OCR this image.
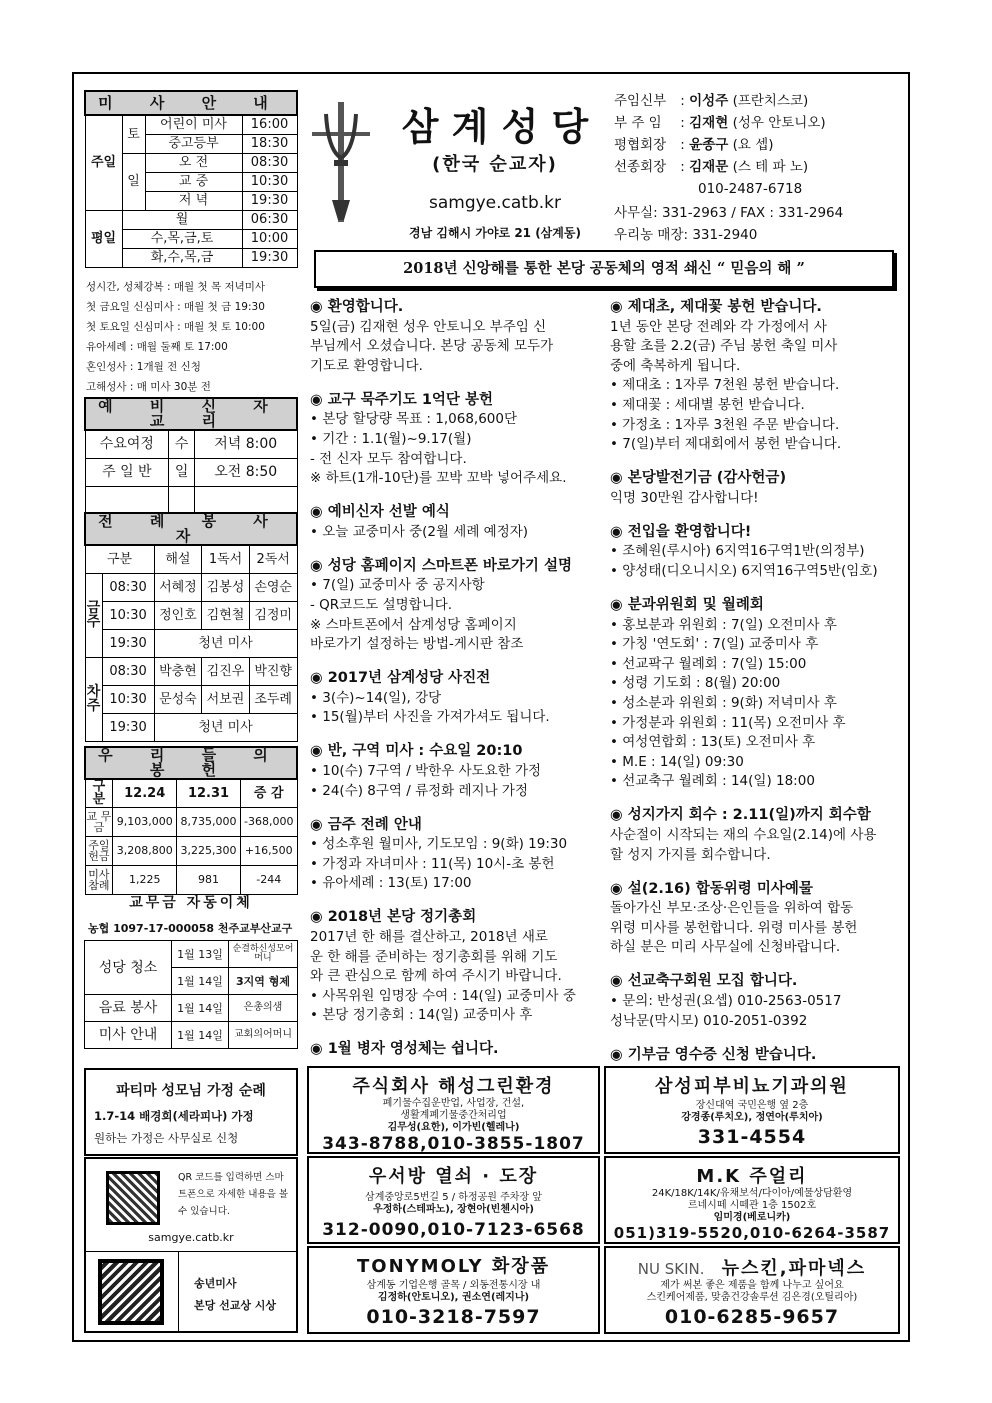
미 사 안 내			
주일	토	어린이 미사	16:00
		중고등부	18:30
	일	오 전	08:30
		교 중	10:30
		저 녁	19:30
평일	월		06:30
	수,목,금,토		10:00
	화,수,목,금		19:30
성시간, 성체강복 : 매월 첫 목 저녁미사
첫 금요일 신심미사 : 매월 첫 금 19:30
첫 토요일 신심미사 : 매월 첫 토 10:00
유아세례 : 매월 둘째 토 17:00
혼인성사 : 1개월 전 신청
고해성사 : 매 미사 30분 전
예 비 신 자 교 리		
수요여정	수	저녁 8:00
주 일 반	일	오전 8:50

전 례 봉 사 자				
구분		해설	1독서	2독서
금주	08:30	서혜정	김봉성	손영순
	10:30	정인호	김현철	김정미
	19:30	청년 미사		
차주	08:30	박충현	김진우	박진향
	10:30	문성숙	서보권	조두례
	19:30	청년 미사		
우 리 들 의 봉 헌			
구 분	12.24	12.31	증 감
교 무 금	9,103,000	8,735,000	-368,000
주일헌금	3,208,800	3,225,300	+16,500
미사참례	1,225	981	-244
교무금 자동이체
농협 1097-17-000058 천주교부산교구
성당 청소	1월 13일	순결하신성모어머니
	1월 14일	3지역 형제
음료 봉사	1월 14일	은총의샘
미사 안내	1월 14일	교회의어머니
파티마 성모님 가정 순례
1.7-14 배경희(세라피나) 가정
원하는 가정은 사무실로 신청
QR 코드를 입력하면 스마트폰으로 자세한 내용을 볼 수 있습니다.
samgye.catb.kr
송년미사
본당 선교상 시상
삼 계 성 당
(한국 순교자)
samgye.catb.kr
경남 김해시 가야로 21 (삼계동)
주임신부 : 이성주 (프란치스코)
부 주 임 : 김재현 (성우 안토니오)
평협회장 : 윤종구 (요 셉)
선종회장 : 김재문 (스 테 파 노)
010-2487-6718
사무실: 331-2963 / FAX : 331-2964
우리농 매장: 331-2940
2018년 신앙해를 통한 본당 공동체의 영적 쇄신 “ 믿음의 해 ”
◉ 환영합니다.
5일(금) 김재현 성우 안토니오 부주임 신
부님께서 오셨습니다. 본당 공동체 모두가
기도로 환영합니다.
◉ 교구 묵주기도 1억단 봉헌
• 본당 할당량 목표 : 1,068,600단
• 기간 : 1.1(월)~9.17(월)
- 전 신자 모두 참여합니다.
※ 하트(1개-10단)를 꼬박 꼬박 넣어주세요.
◉ 예비신자 선발 예식
• 오늘 교중미사 중(2월 세례 예정자)
◉ 성당 홈페이지 스마트폰 바로가기 설명
• 7(일) 교중미사 중 공지사항
- QR코드도 설명합니다.
※ 스마트폰에서 삼계성당 홈페이지
바로가기 설정하는 방법-게시판 참조
◉ 2017년 삼계성당 사진전
• 3(수)~14(일), 강당
• 15(월)부터 사진을 가져가셔도 됩니다.
◉ 반, 구역 미사 : 수요일 20:10
• 10(수) 7구역 / 박한우 사도요한 가정
• 24(수) 8구역 / 류정화 레지나 가정
◉ 금주 전례 안내
• 성소후원 월미사, 기도모임 : 9(화) 19:30
• 가정과 자녀미사 : 11(목) 10시-초 봉헌
• 유아세례 : 13(토) 17:00
◉ 2018년 본당 정기총회
2017년 한 해를 결산하고, 2018년 새로
운 한 해를 준비하는 정기총회를 위해 기도
와 큰 관심으로 함께 하여 주시기 바랍니다.
• 사목위원 임명장 수여 : 14(일) 교중미사 중
• 본당 정기총회 : 14(일) 교중미사 후
◉ 1월 병자 영성체는 쉽니다.
◉ 제대초, 제대꽃 봉헌 받습니다.
1년 동안 본당 전례와 각 가정에서 사
용할 초를 2.2(금) 주님 봉헌 축일 미사
중에 축복하게 됩니다.
• 제대초 : 1자루 7천원 봉헌 받습니다.
• 제대꽃 : 세대별 봉헌 받습니다.
• 가정초 : 1자루 3천원 주문 받습니다.
• 7(일)부터 제대회에서 봉헌 받습니다.
◉ 본당발전기금 (감사헌금)
익명 30만원 감사합니다!
◉ 전입을 환영합니다!
• 조혜원(루시아) 6지역16구역1반(의정부)
• 양성태(디오니시오) 6지역16구역5반(임호)
◉ 분과위원회 및 월례회
• 홍보분과 위원회 : 7(일) 오전미사 후
• 가칭 '연도회' : 7(일) 교중미사 후
• 선교팍구 월례회 : 7(일) 15:00
• 성령 기도회 : 8(월) 20:00
• 성소분과 위원회 : 9(화) 저녁미사 후
• 가정분과 위원회 : 11(목) 오전미사 후
• 여성연합회 : 13(토) 오전미사 후
• M.E : 14(일) 09:30
• 선교축구 월례회 : 14(일) 18:00
◉ 성지가지 회수 : 2.11(일)까지 회수함
사순절이 시작되는 재의 수요일(2.14)에 사용
할 성지 가지를 회수합니다.
◉ 설(2.16) 합동위령 미사예물
돌아가신 부모·조상·은인들을 위하여 합동
위령 미사를 봉헌합니다. 위령 미사를 봉헌
하실 분은 미리 사무실에 신청바랍니다.
◉ 선교축구회원 모집 합니다.
• 문의: 반성권(요셉) 010-2563-0517
성낙문(막시모) 010-2051-0392
◉ 기부금 영수증 신청 받습니다.
주식회사 해성그린환경
폐기물수집운반업, 사업장, 건설,
생활계폐기물중간처리업
김무성(요한), 이가빈(헬레나)
343-8788,010-3855-1807
삼성피부비뇨기과의원
장신대역 국민은행 옆 2층
강경종(루치오), 정연아(루치아)
331-4554
우서방 열쇠 · 도장
삼계중앙로5번길 5 / 하정공원 주차장 앞
우정하(스테파노), 장현아(빈첸시아)
312-0090,010-7123-6568
M.K 주얼리
24K/18K/14K/유채보석/다이아/예물상담환영
르네시떼 시떼관 1층 1502호
임미경(베로니카)
051)319-5520,010-6264-3587
TONYMOLY 화장품
삼계동 기업은행 골목 / 외동전통시장 내
김정하(안토니오), 권소연(레지나)
010-3218-7597
NU SKIN. 뉴스킨,파마넥스
제가 써본 좋은 제품을 함께 나누고 싶어요
스킨케어제품, 맞춤건강솔루션 김은경(오틸리아)
010-6285-9657
